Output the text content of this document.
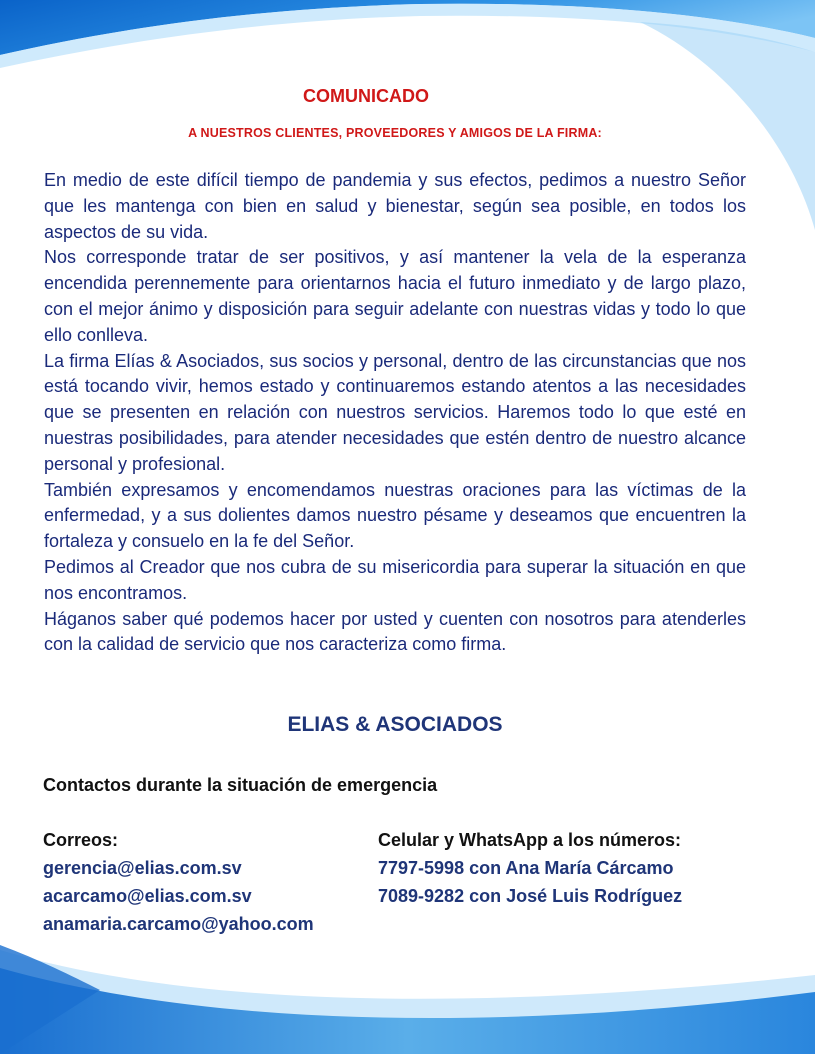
COMUNICADO
A NUESTROS CLIENTES, PROVEEDORES Y AMIGOS DE LA FIRMA:

En medio de este difícil tiempo de pandemia y sus efectos, pedimos a nuestro Señor que les mantenga con bien en salud y bienestar, según sea posible, en todos los aspectos de su vida.

Nos corresponde tratar de ser positivos, y así mantener la vela de la esperanza encendida perennemente para orientarnos hacia el futuro inmediato y de largo plazo, con el mejor ánimo y disposición para seguir adelante con nuestras vidas y todo lo que ello conlleva.

La firma Elías & Asociados, sus socios y personal, dentro de las circunstancias que nos está tocando vivir, hemos estado y continuaremos estando atentos a las necesidades que se presenten en relación con nuestros servicios. Haremos todo lo que esté en nuestras posibilidades, para atender necesidades que estén dentro de nuestro alcance personal y profesional.

También expresamos y encomendamos nuestras oraciones para las víctimas de la enfermedad, y a sus dolientes damos nuestro pésame y deseamos que encuentren la fortaleza y consuelo en la fe del Señor.

Pedimos al Creador que nos cubra de su misericordia para superar la situación en que nos encontramos.

Háganos saber qué podemos hacer por usted y cuenten con nosotros para atenderles con la calidad de servicio que nos caracteriza como firma.

ELIAS & ASOCIADOS
Contactos durante la situación de emergencia
Correos:
gerencia@elias.com.sv
acarcamo@elias.com.sv
anamaria.carcamo@yahoo.com
Celular y WhatsApp a los números:
7797-5998 con Ana María Cárcamo
7089-9282 con José Luis Rodríguez
